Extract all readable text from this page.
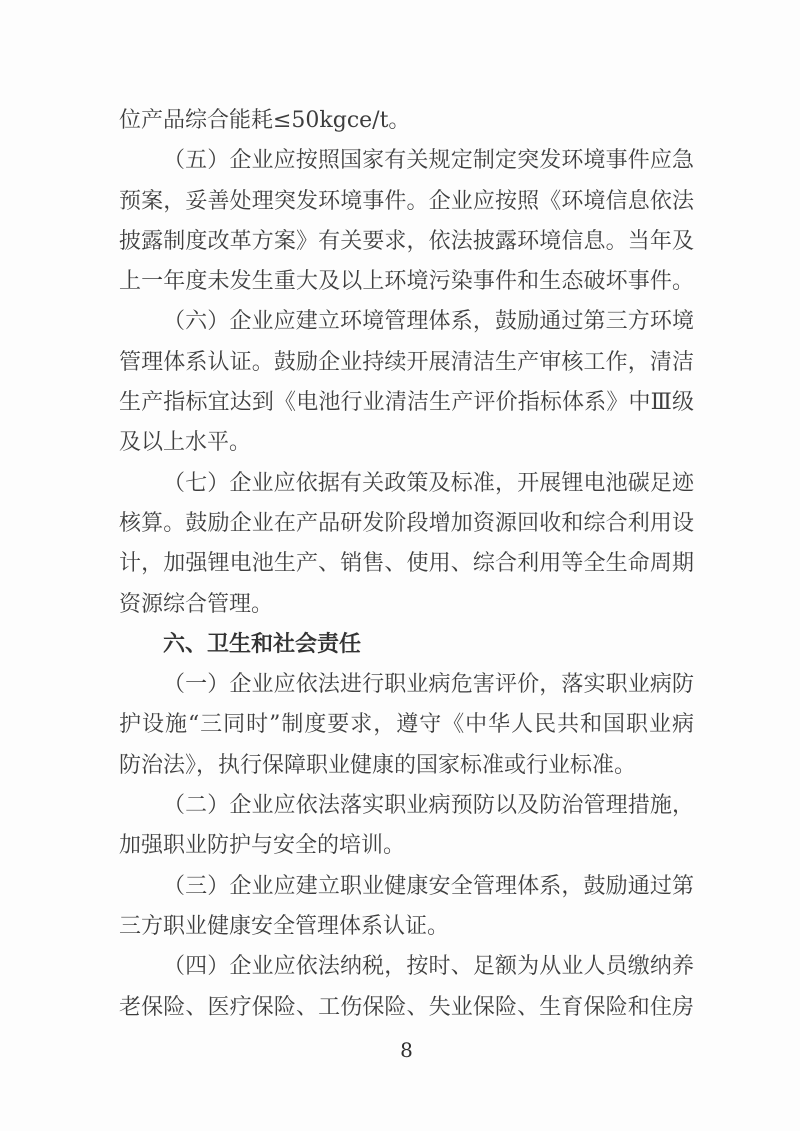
位产品综合能耗≤50kgce/t。
（五）企业应按照国家有关规定制定突发环境事件应急
预案，妥善处理突发环境事件。企业应按照《环境信息依法
披露制度改革方案》有关要求，依法披露环境信息。当年及
上一年度未发生重大及以上环境污染事件和生态破坏事件。
（六）企业应建立环境管理体系，鼓励通过第三方环境
管理体系认证。鼓励企业持续开展清洁生产审核工作，清洁
生产指标宜达到《电池行业清洁生产评价指标体系》中Ⅲ级
及以上水平。
（七）企业应依据有关政策及标准，开展锂电池碳足迹
核算。鼓励企业在产品研发阶段增加资源回收和综合利用设
计，加强锂电池生产、销售、使用、综合利用等全生命周期
资源综合管理。
六、卫生和社会责任
（一）企业应依法进行职业病危害评价，落实职业病防
护设施“三同时”制度要求，遵守《中华人民共和国职业病
防治法》，执行保障职业健康的国家标准或行业标准。
（二）企业应依法落实职业病预防以及防治管理措施，
加强职业防护与安全的培训。
（三）企业应建立职业健康安全管理体系，鼓励通过第
三方职业健康安全管理体系认证。
（四）企业应依法纳税，按时、足额为从业人员缴纳养
老保险、医疗保险、工伤保险、失业保险、生育保险和住房
8
